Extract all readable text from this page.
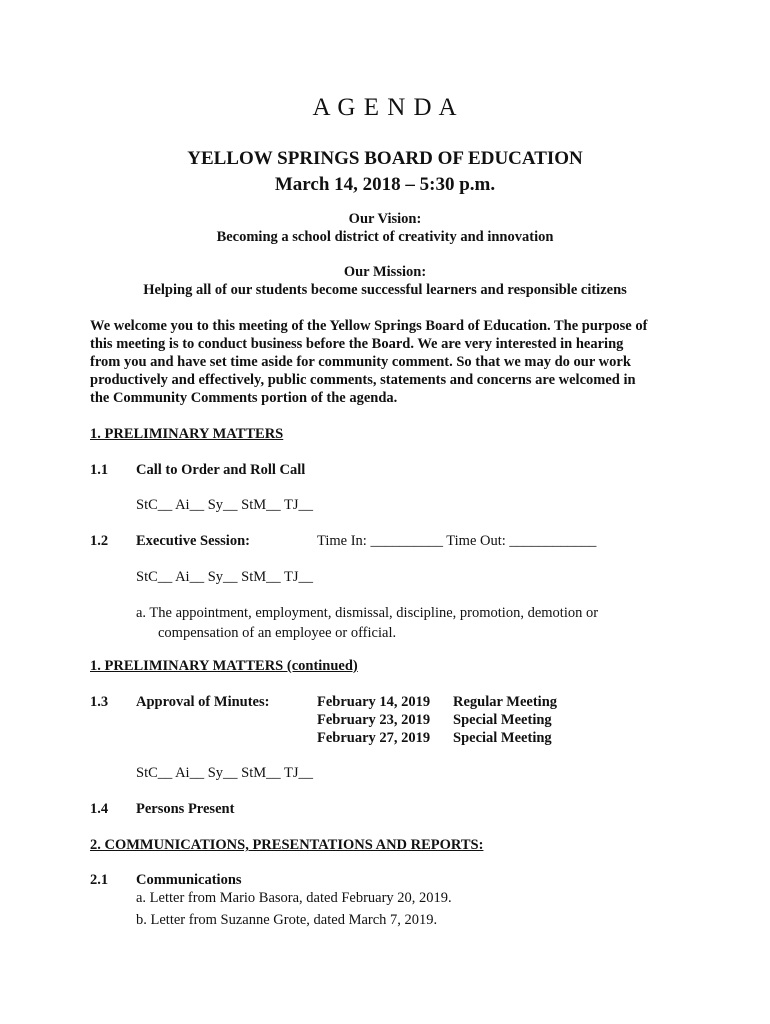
A G E N D A
YELLOW SPRINGS BOARD OF EDUCATION
March 14, 2018 – 5:30 p.m.
Our Vision:
Becoming a school district of creativity and innovation
Our Mission:
Helping all of our students become successful learners and responsible citizens
We welcome you to this meeting of the Yellow Springs Board of Education. The purpose of
this meeting is to conduct business before the Board. We are very interested in hearing
from you and have set time aside for community comment. So that we may do our work
productively and effectively, public comments, statements and concerns are welcomed in
the Community Comments portion of the agenda.
1. PRELIMINARY MATTERS
1.1 Call to Order and Roll Call
StC__ Ai__ Sy__ StM__ TJ__
1.2 Executive Session:	Time In: __________ Time Out: ____________
StC__ Ai__ Sy__ StM__ TJ__
a. The appointment, employment, dismissal, discipline, promotion, demotion or
compensation of an employee or official.
1. PRELIMINARY MATTERS (continued)
1.3 Approval of Minutes:	February 14, 2019 Regular Meeting
February 23, 2019 Special Meeting
February 27, 2019 Special Meeting
StC__ Ai__ Sy__ StM__ TJ__
1.4 Persons Present
2. COMMUNICATIONS, PRESENTATIONS AND REPORTS:
2.1 Communications
a. Letter from Mario Basora, dated February 20, 2019.
b. Letter from Suzanne Grote, dated March 7, 2019.
